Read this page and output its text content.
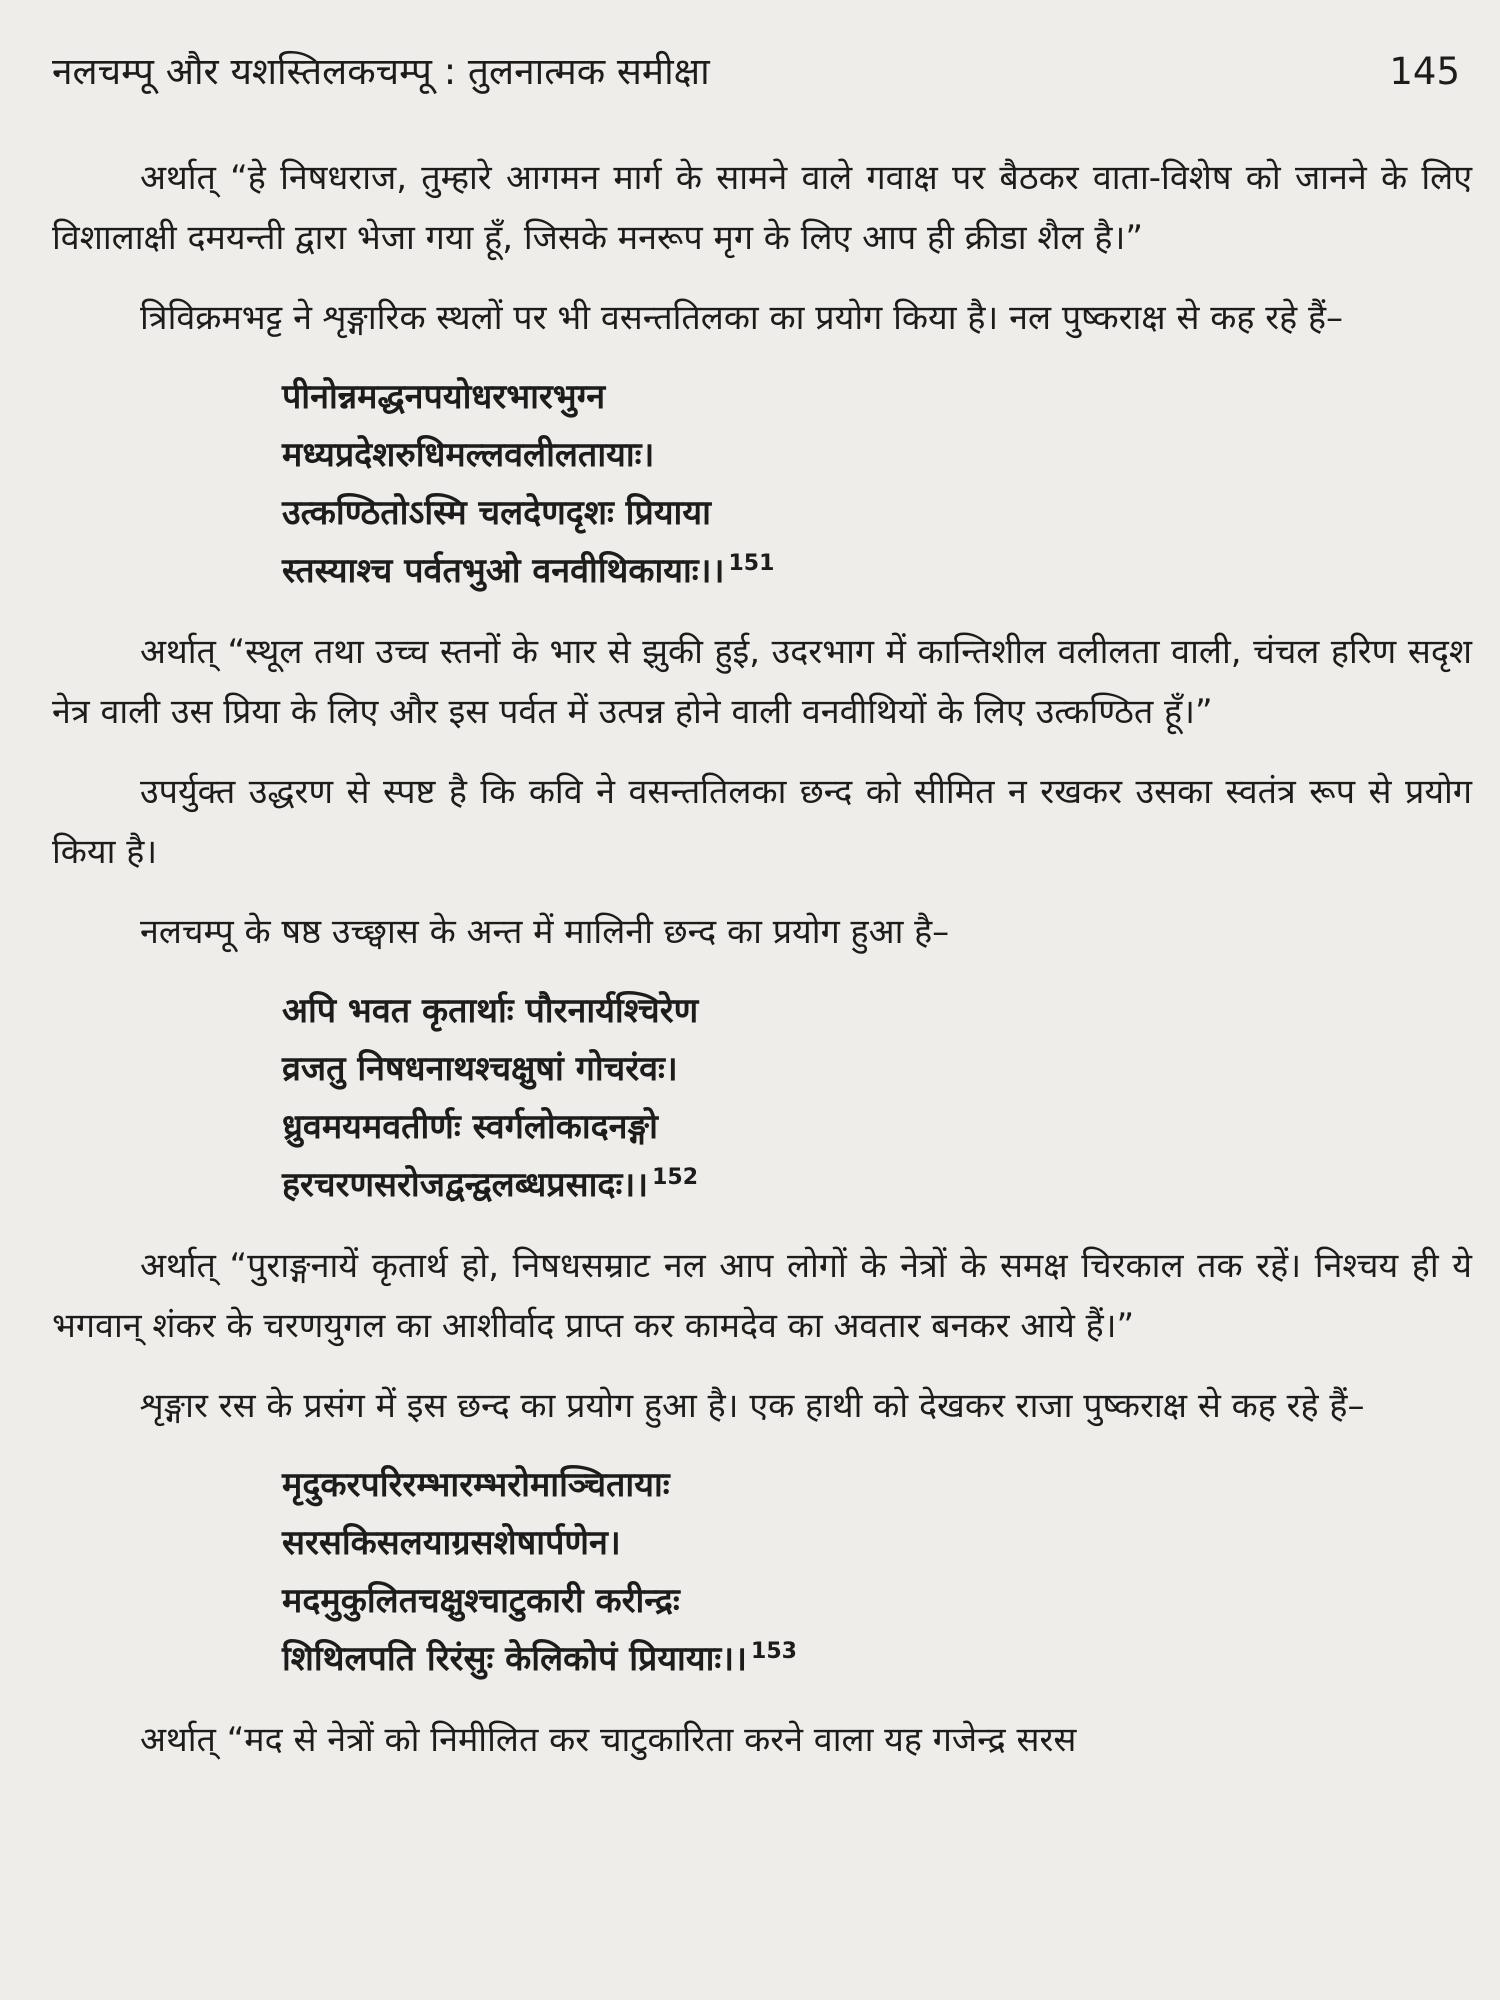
नलचम्पू और यशस्तिलकचम्पू : तुलनात्मक समीक्षा	145

अर्थात् “हे निषधराज, तुम्हारे आगमन मार्ग के सामने वाले गवाक्ष पर बैठकर वाता-विशेष को जानने के लिए विशालाक्षी दमयन्ती द्वारा भेजा गया हूँ, जिसके मनरूप मृग के लिए आप ही क्रीडा शैल है।”

त्रिविक्रमभट्ट ने शृङ्गारिक स्थलों पर भी वसन्ततिलका का प्रयोग किया है। नल पुष्कराक्ष से कह रहे हैं–

पीनोन्नमद्धनपयोधरभारभुग्न
मध्यप्रदेशरुधिमल्लवलीलतायाः।
उत्कण्ठितोऽस्मि चलदेणदृशः प्रियाया
स्तस्याश्च पर्वतभुओ वनवीथिकायाः।। $^{151}$

अर्थात् “स्थूल तथा उच्च स्तनों के भार से झुकी हुई, उदरभाग में कान्तिशील वलीलता वाली, चंचल हरिण सदृश नेत्र वाली उस प्रिया के लिए और इस पर्वत में उत्पन्न होने वाली वनवीथियों के लिए उत्कण्ठित हूँ।”

उपर्युक्त उद्धरण से स्पष्ट है कि कवि ने वसन्ततिलका छन्द को सीमित न रखकर उसका स्वतंत्र रूप से प्रयोग किया है।

नलचम्पू के षष्ठ उच्छ्वास के अन्त में मालिनी छन्द का प्रयोग हुआ है–

अपि भवत कृतार्थाः पौरनार्यश्चिरेण
व्रजतु निषधनाथश्चक्षुषां गोचरंवः।
ध्रुवमयमवतीर्णः स्वर्गलोकादनङ्गो
हरचरणसरोजद्वन्द्वलब्धप्रसादः।। $^{152}$

अर्थात् “पुराङ्गनायें कृतार्थ हो, निषधसम्राट नल आप लोगों के नेत्रों के समक्ष चिरकाल तक रहें। निश्चय ही ये भगवान् शंकर के चरणयुगल का आशीर्वाद प्राप्त कर कामदेव का अवतार बनकर आये हैं।”

शृङ्गार रस के प्रसंग में इस छन्द का प्रयोग हुआ है। एक हाथी को देखकर राजा पुष्कराक्ष से कह रहे हैं–

मृदुकरपरिरम्भारम्भरोमाञ्चितायाः
सरसकिसलयाग्रसशेषार्पणेन।
मदमुकुलितचक्षुश्चाटुकारी करीन्द्रः
शिथिलपति रिरंसुः केलिकोपं प्रियायाः।। $^{153}$

अर्थात् “मद से नेत्रों को निमीलित कर चाटुकारिता करने वाला यह गजेन्द्र सरस
